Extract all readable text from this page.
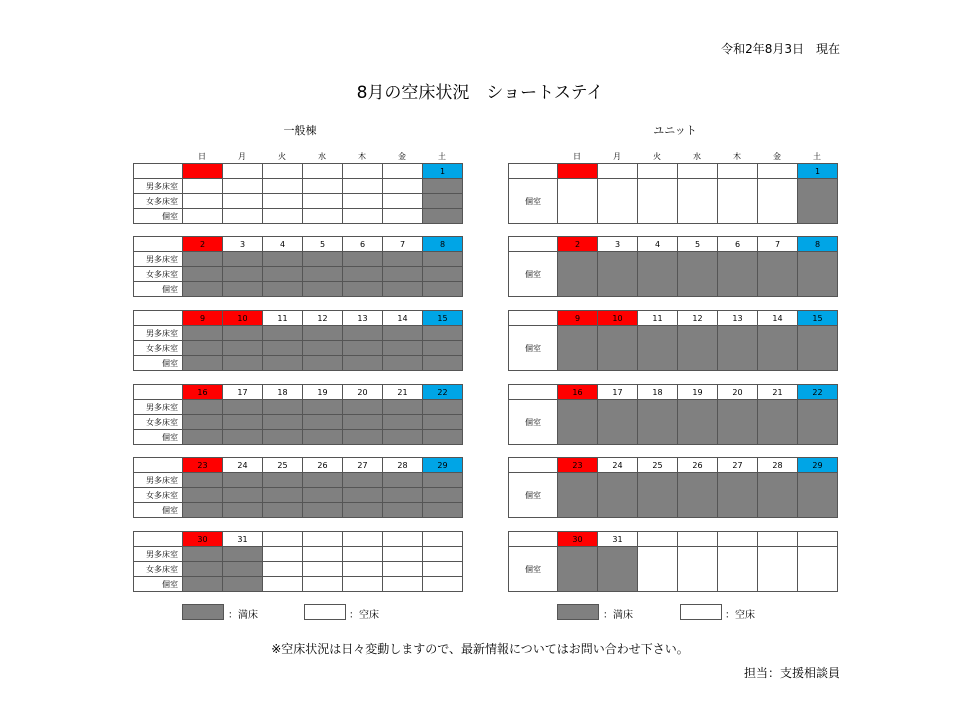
令和2年8月3日　現在
8月の空床状況　ショートステイ
一般棟	ユニット
	日	月	火	水	木	金	土
							1
男多床室							
女多床室							
個室							
	2	3	4	5	6	7	8
男多床室							
女多床室							
個室							
	9	10	11	12	13	14	15
男多床室							
女多床室							
個室							
	16	17	18	19	20	21	22
男多床室							
女多床室							
個室							
	23	24	25	26	27	28	29
男多床室							
女多床室							
個室							
	30	31					
男多床室							
女多床室							
個室							
	日	月	火	水	木	金	土
							1
個室							
	2	3	4	5	6	7	8
個室							
	9	10	11	12	13	14	15
個室							
	16	17	18	19	20	21	22
個室							
	23	24	25	26	27	28	29
個室							
	30	31					
個室							
：満床	：空床	：満床	：空床
※空床状況は日々変動しますので、最新情報についてはお問い合わせ下さい。
担当：支援相談員
